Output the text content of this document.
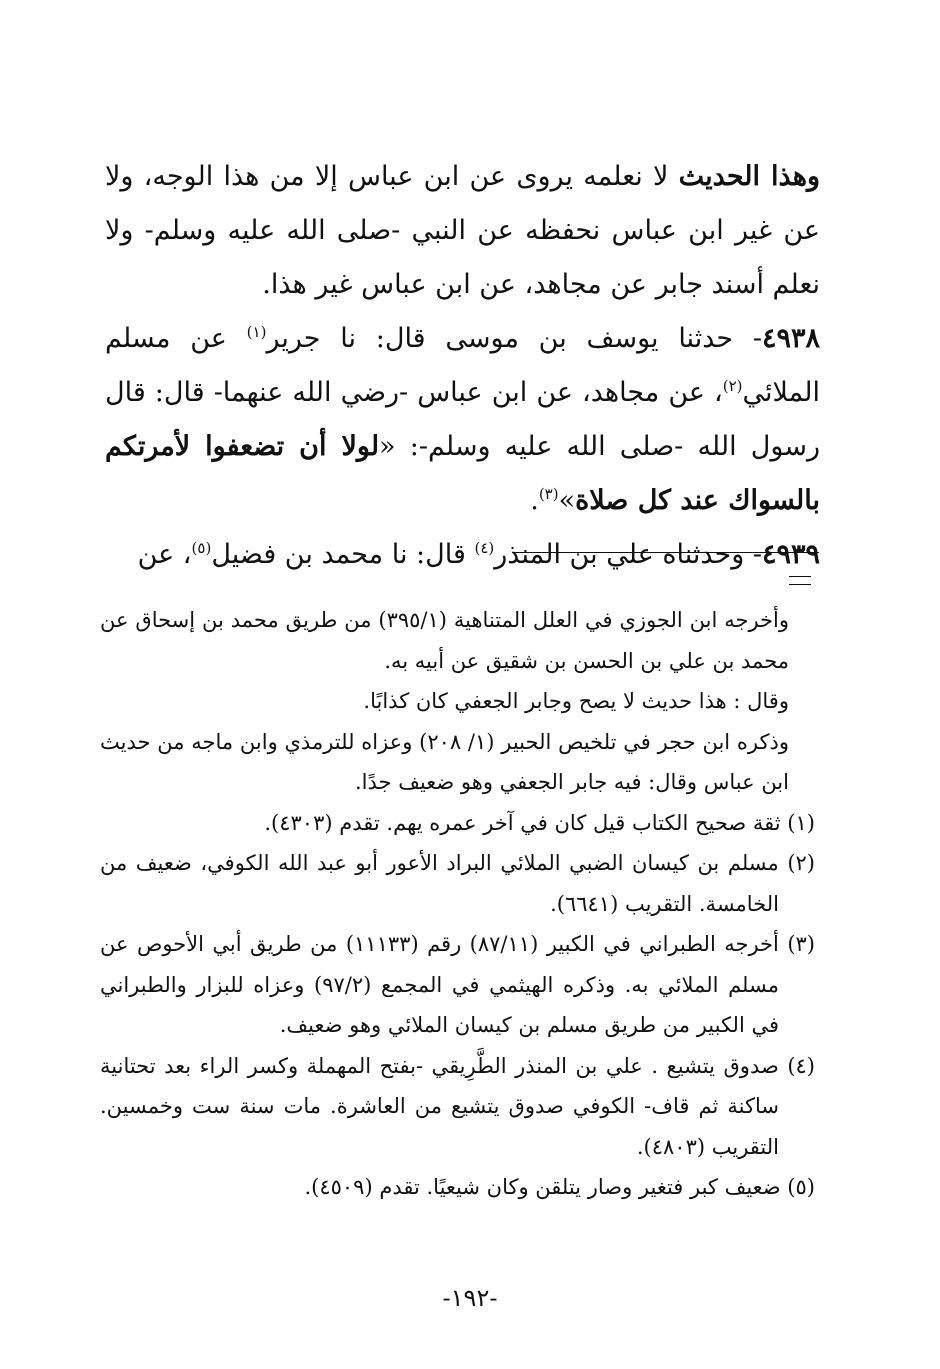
وهذا الحديث لا نعلمه يروى عن ابن عباس إلا من هذا الوجه، ولا عن غير ابن عباس نحفظه عن النبي -صلى الله عليه وسلم- ولا نعلم أسند جابر عن مجاهد، عن ابن عباس غير هذا.

٤٩٣٨- حدثنا يوسف بن موسى قال: نا جرير$^{(١)}$ عن مسلم الملائي$^{(٢)}$، عن مجاهد، عن ابن عباس -رضي الله عنهما- قال: قال رسول الله -صلى الله عليه وسلم-: «لولا أن تضعفوا لأمرتكم بالسواك عند كل صلاة»$^{(٣)}$.

٤٩٣٩- وحدثناه علي بن المنذر$^{(٤)}$ قال: نا محمد بن فضيل$^{(٥)}$، عن

وأخرجه ابن الجوزي في العلل المتناهية (٣٩٥/١) من طريق محمد بن إسحاق عن محمد بن علي بن الحسن بن شقيق عن أبيه به.

وقال : هذا حديث لا يصح وجابر الجعفي كان كذابًا.

وذكره ابن حجر في تلخيص الحبير (١/ ٢٠٨) وعزاه للترمذي وابن ماجه من حديث ابن عباس وقال: فيه جابر الجعفي وهو ضعيف جدًا.

(١) ثقة صحيح الكتاب قيل كان في آخر عمره يهم. تقدم (٤٣٠٣).

(٢) مسلم بن كيسان الضبي الملائي البراد الأعور أبو عبد الله الكوفي، ضعيف من الخامسة. التقريب (٦٦٤١).

(٣) أخرجه الطبراني في الكبير (٨٧/١١) رقم (١١١٣٣) من طريق أبي الأحوص عن مسلم الملائي به. وذكره الهيثمي في المجمع (٩٧/٢) وعزاه للبزار والطبراني في الكبير من طريق مسلم بن كيسان الملائي وهو ضعيف.

(٤) صدوق يتشيع . علي بن المنذر الطَّرِيقي -بفتح المهملة وكسر الراء بعد تحتانية ساكنة ثم قاف- الكوفي صدوق يتشيع من العاشرة. مات سنة ست وخمسين. التقريب (٤٨٠٣).

(٥) ضعيف كبر فتغير وصار يتلقن وكان شيعيًا. تقدم (٤٥٠٩).

-١٩٢-
